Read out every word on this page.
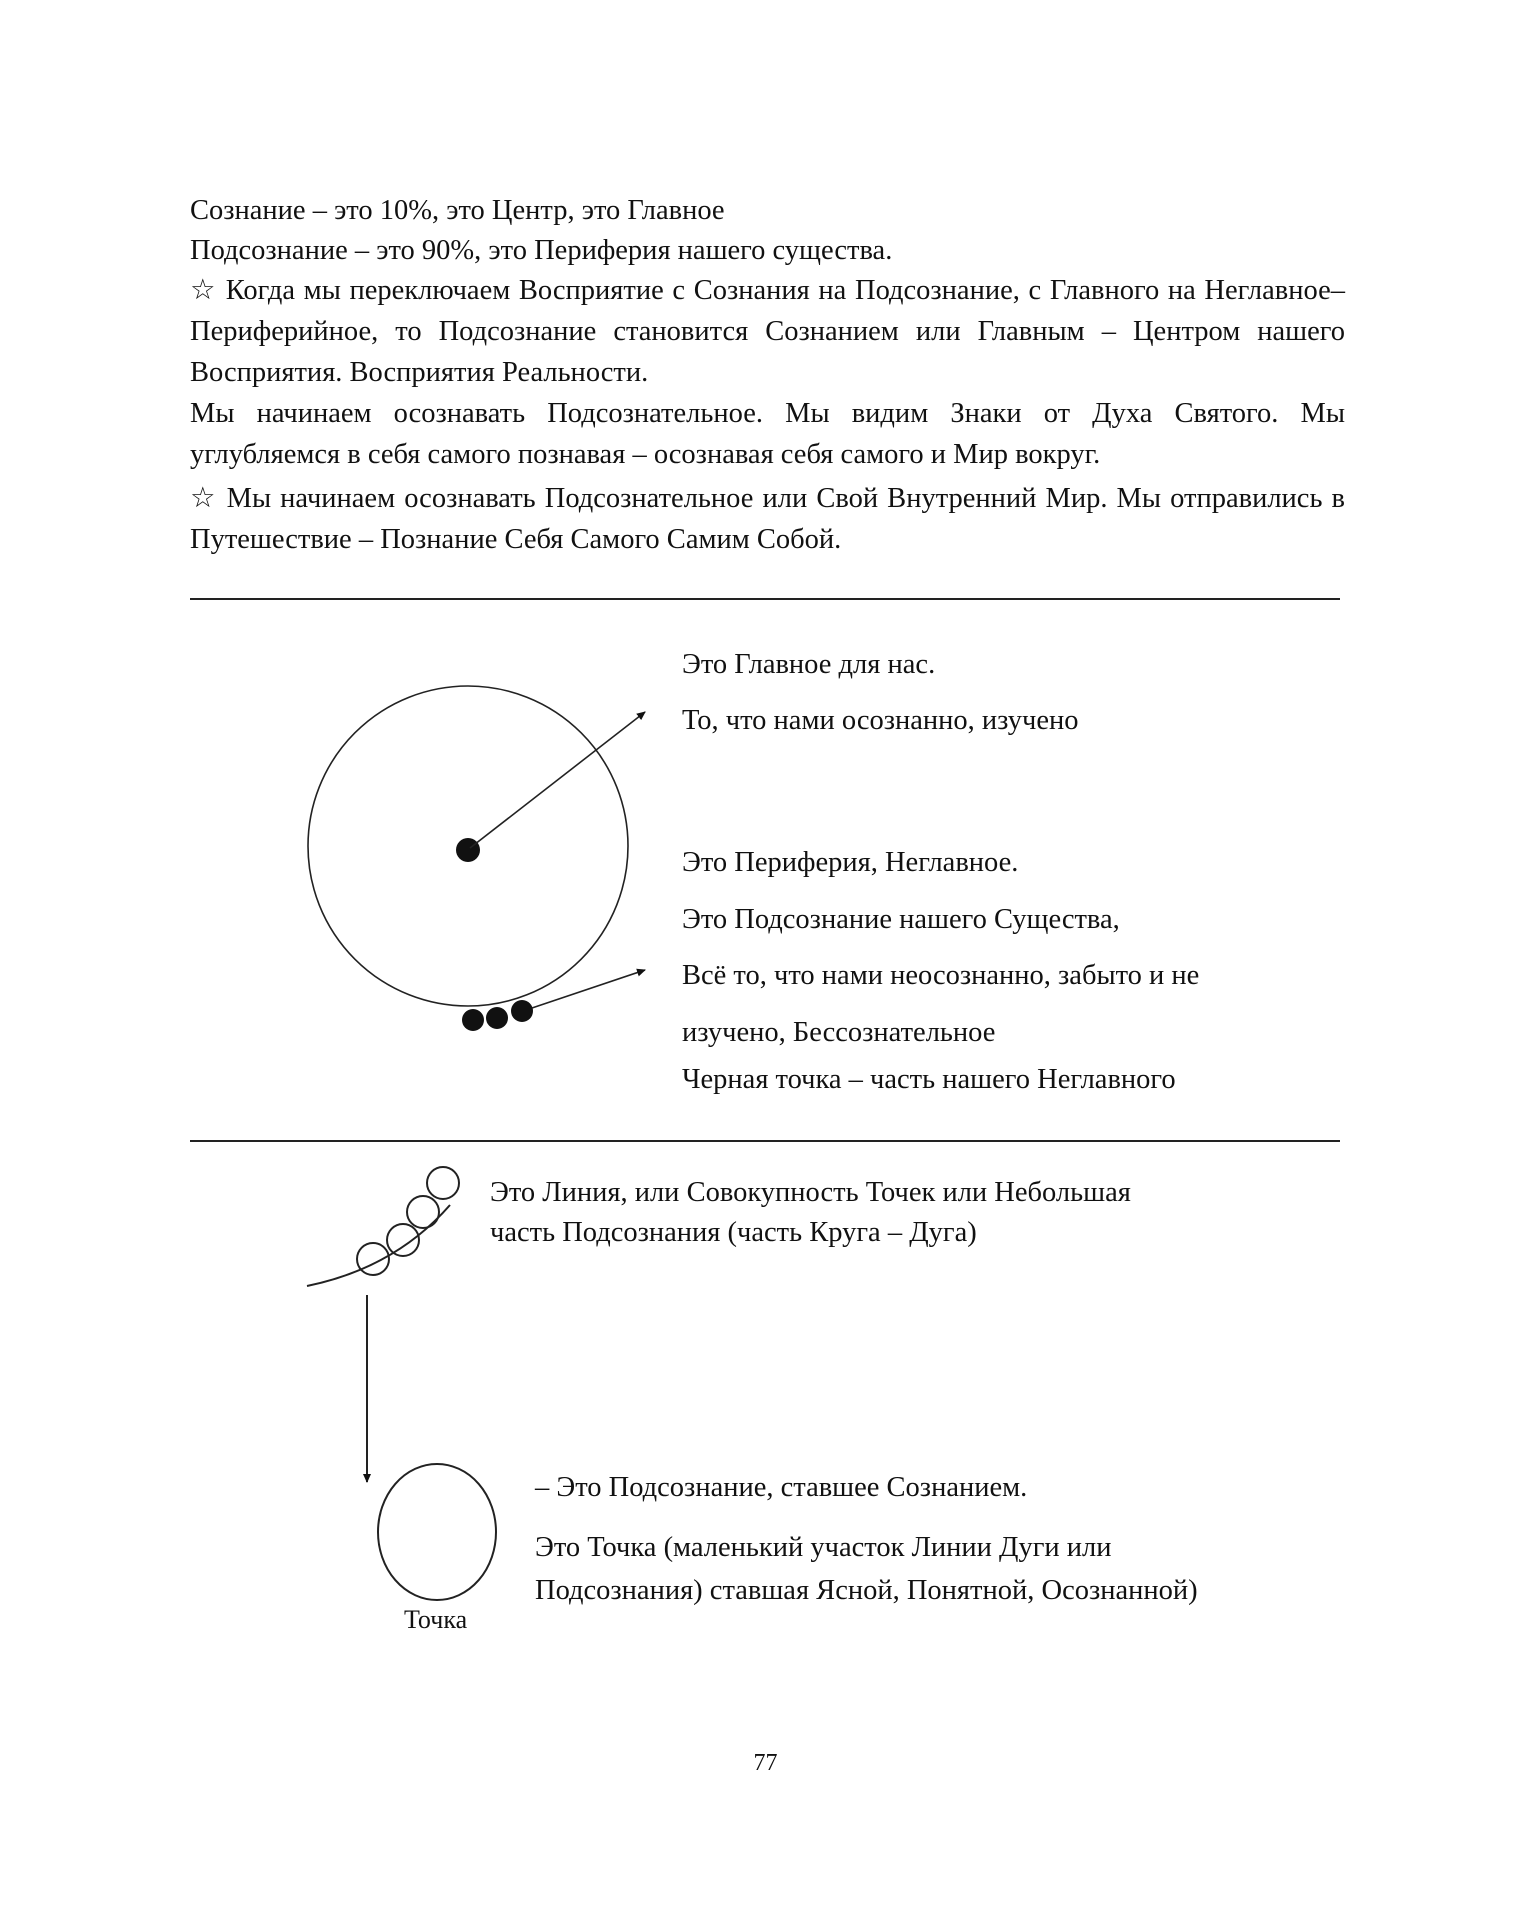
Сознание – это 10%, это Центр, это Главное

Подсознание – это 90%, это Периферия нашего существа.

☆ Когда мы переключаем Восприятие с Сознания на Подсознание, с Главного на Неглавное–Периферийное, то Подсознание становится Сознанием или Главным – Центром нашего Восприятия. Восприятия Реальности.

Мы начинаем осознавать Подсознательное. Мы видим Знаки от Духа Святого. Мы углубляемся в себя самого познавая – осознавая себя самого и Мир вокруг.

☆ Мы начинаем осознавать Подсознательное или Свой Внутренний Мир. Мы отправились в Путешествие – Познание Себя Самого Самим Собой.

Это Главное для нас.

То, что нами осознанно, изучено

Это Периферия, Неглавное.

Это Подсознание нашего Существа,

Всё то, что нами неосознанно, забыто и не

изучено, Бессознательное

Черная точка – часть нашего Неглавного

Это Линия, или Совокупность Точек или Небольшая

часть Подсознания (часть Круга – Дуга)

– Это Подсознание, ставшее Сознанием.

Это Точка (маленький участок Линии Дуги или

Подсознания) ставшая Ясной, Понятной, Осознанной)

Точка

77
